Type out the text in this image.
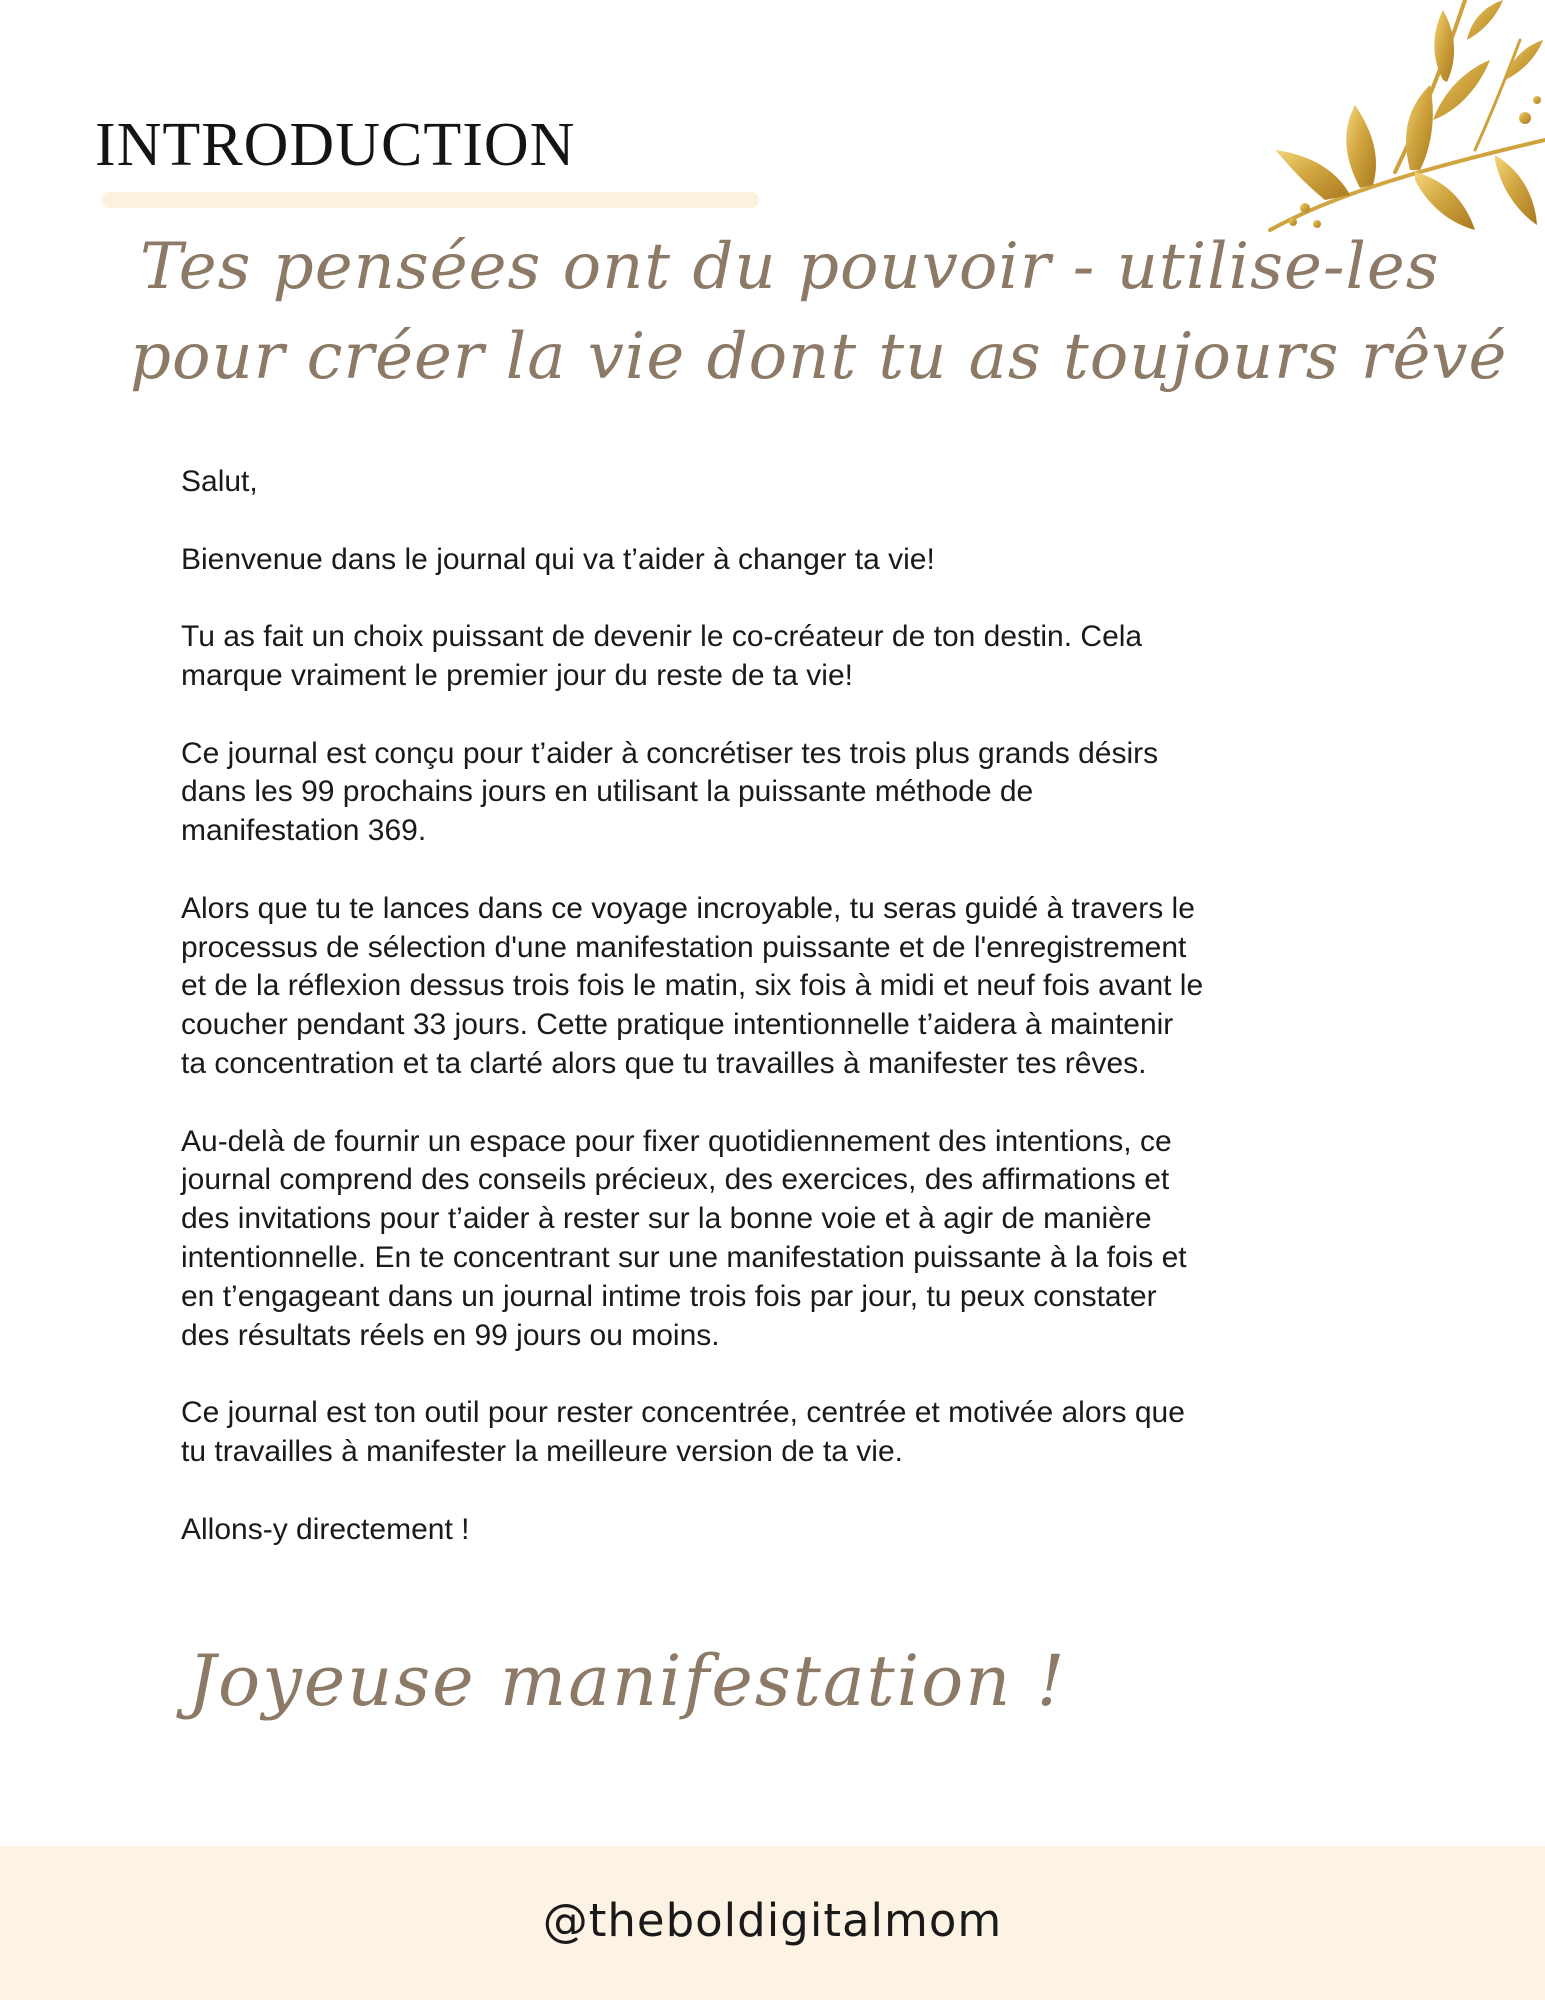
INTRODUCTION
Tes pensées ont du pouvoir - utilise-les
pour créer la vie dont tu as toujours rêvé

Salut,

Bienvenue dans le journal qui va t’aider à changer ta vie!

Tu as fait un choix puissant de devenir le co-créateur de ton destin. Cela
marque vraiment le premier jour du reste de ta vie!

Ce journal est conçu pour t’aider à concrétiser tes trois plus grands désirs
dans les 99 prochains jours en utilisant la puissante méthode de
manifestation 369.

Alors que tu te lances dans ce voyage incroyable, tu seras guidé à travers le
processus de sélection d'une manifestation puissante et de l'enregistrement
et de la réflexion dessus trois fois le matin, six fois à midi et neuf fois avant le
coucher pendant 33 jours. Cette pratique intentionnelle t’aidera à maintenir
ta concentration et ta clarté alors que tu travailles à manifester tes rêves.

Au-delà de fournir un espace pour fixer quotidiennement des intentions, ce
journal comprend des conseils précieux, des exercices, des affirmations et
des invitations pour t’aider à rester sur la bonne voie et à agir de manière
intentionnelle. En te concentrant sur une manifestation puissante à la fois et
en t’engageant dans un journal intime trois fois par jour, tu peux constater
des résultats réels en 99 jours ou moins.

Ce journal est ton outil pour rester concentrée, centrée et motivée alors que
tu travailles à manifester la meilleure version de ta vie.

Allons-y directement !

Joyeuse manifestation !
@theboldigitalmom
